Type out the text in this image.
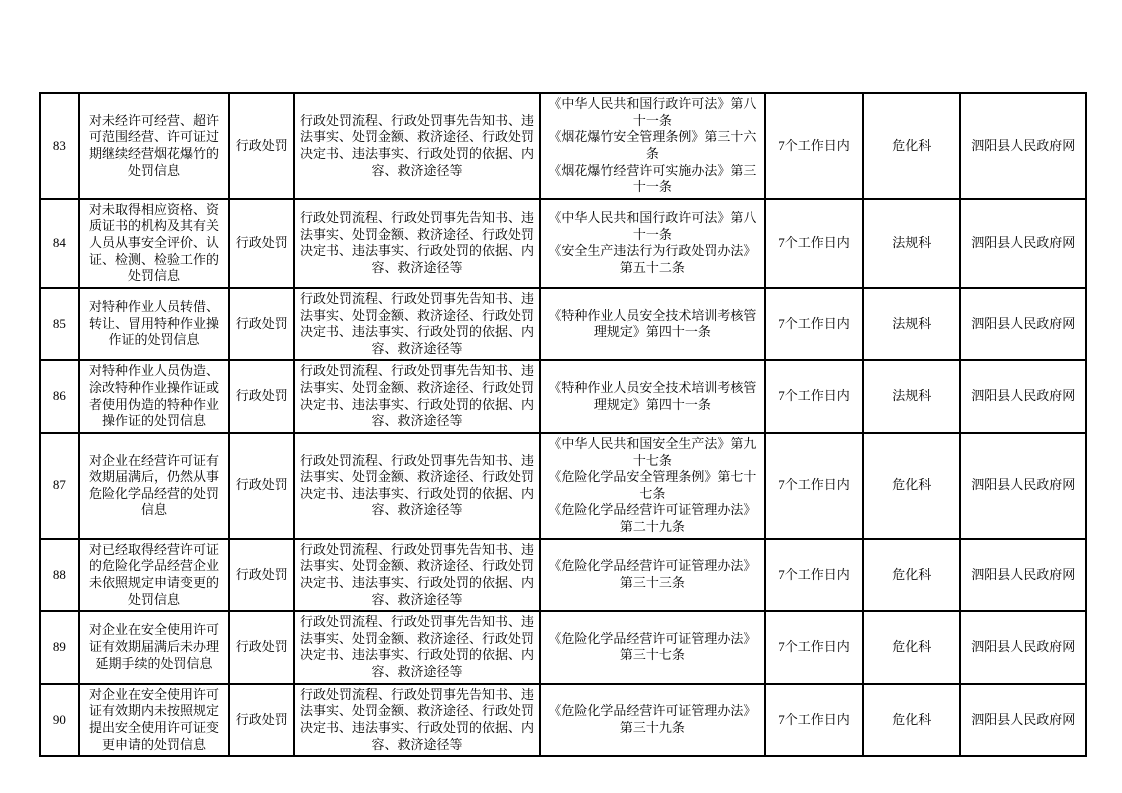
83	对未经许可经营、超许可范围经营、许可证过期继续经营烟花爆竹的处罚信息	行政处罚	行政处罚流程、行政处罚事先告知书、违法事实、处罚金额、救济途径、行政处罚决定书、违法事实、行政处罚的依据、内容、救济途径等	《中华人民共和国行政许可法》第八十一条
《烟花爆竹安全管理条例》第三十六条
《烟花爆竹经营许可实施办法》第三十一条	7个工作日内	危化科	泗阳县人民政府网
84	对未取得相应资格、资质证书的机构及其有关人员从事安全评价、认证、检测、检验工作的处罚信息	行政处罚	行政处罚流程、行政处罚事先告知书、违法事实、处罚金额、救济途径、行政处罚决定书、违法事实、行政处罚的依据、内容、救济途径等	《中华人民共和国行政许可法》第八十一条
《安全生产违法行为行政处罚办法》第五十二条	7个工作日内	法规科	泗阳县人民政府网
85	对特种作业人员转借、转让、冒用特种作业操作证的处罚信息	行政处罚	行政处罚流程、行政处罚事先告知书、违法事实、处罚金额、救济途径、行政处罚决定书、违法事实、行政处罚的依据、内容、救济途径等	《特种作业人员安全技术培训考核管理规定》第四十一条	7个工作日内	法规科	泗阳县人民政府网
86	对特种作业人员伪造、涂改特种作业操作证或者使用伪造的特种作业操作证的处罚信息	行政处罚	行政处罚流程、行政处罚事先告知书、违法事实、处罚金额、救济途径、行政处罚决定书、违法事实、行政处罚的依据、内容、救济途径等	《特种作业人员安全技术培训考核管理规定》第四十一条	7个工作日内	法规科	泗阳县人民政府网
87	对企业在经营许可证有效期届满后，仍然从事危险化学品经营的处罚信息	行政处罚	行政处罚流程、行政处罚事先告知书、违法事实、处罚金额、救济途径、行政处罚决定书、违法事实、行政处罚的依据、内容、救济途径等	《中华人民共和国安全生产法》第九十七条
《危险化学品安全管理条例》第七十七条
《危险化学品经营许可证管理办法》第二十九条	7个工作日内	危化科	泗阳县人民政府网
88	对已经取得经营许可证的危险化学品经营企业未依照规定申请变更的处罚信息	行政处罚	行政处罚流程、行政处罚事先告知书、违法事实、处罚金额、救济途径、行政处罚决定书、违法事实、行政处罚的依据、内容、救济途径等	《危险化学品经营许可证管理办法》第三十三条	7个工作日内	危化科	泗阳县人民政府网
89	对企业在安全使用许可证有效期届满后未办理延期手续的处罚信息	行政处罚	行政处罚流程、行政处罚事先告知书、违法事实、处罚金额、救济途径、行政处罚决定书、违法事实、行政处罚的依据、内容、救济途径等	《危险化学品经营许可证管理办法》第三十七条	7个工作日内	危化科	泗阳县人民政府网
90	对企业在安全使用许可证有效期内未按照规定提出安全使用许可证变更申请的处罚信息	行政处罚	行政处罚流程、行政处罚事先告知书、违法事实、处罚金额、救济途径、行政处罚决定书、违法事实、行政处罚的依据、内容、救济途径等	《危险化学品经营许可证管理办法》第三十九条	7个工作日内	危化科	泗阳县人民政府网
